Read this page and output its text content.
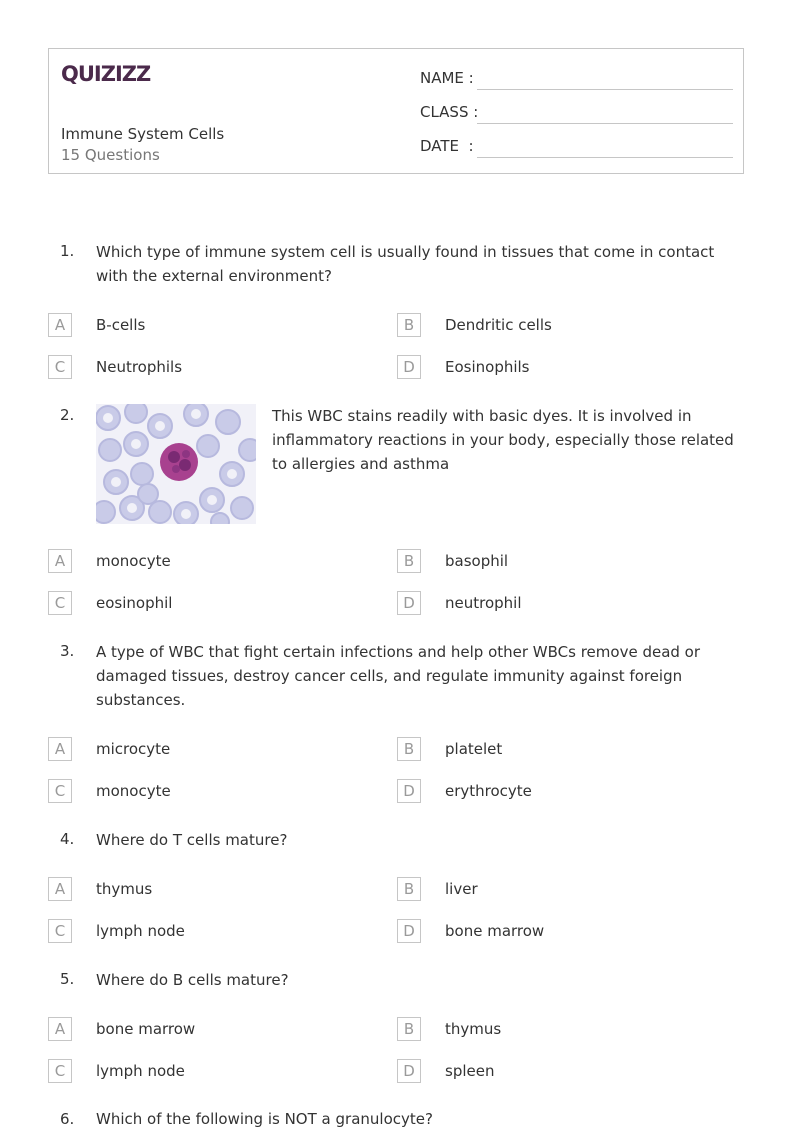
QUIZIZZ
Immune System Cells
15 Questions
NAME :
CLASS :
DATE  :
1. Which type of immune system cell is usually found in tissues that come in contact with the external environment?
A	B-cells	B	Dendritic cells
C	Neutrophils	D	Eosinophils
2.	This WBC stains readily with basic dyes. It is involved in inflammatory reactions in your body, especially those related to allergies and asthma
A	monocyte	B	basophil
C	eosinophil	D	neutrophil
3. A type of WBC that fight certain infections and help other WBCs remove dead or damaged tissues, destroy cancer cells, and regulate immunity against foreign substances.
A	microcyte	B	platelet
C	monocyte	D	erythrocyte
4. Where do T cells mature?
A	thymus	B	liver
C	lymph node	D	bone marrow
5. Where do B cells mature?
A	bone marrow	B	thymus
C	lymph node	D	spleen
6. Which of the following is NOT a granulocyte?
